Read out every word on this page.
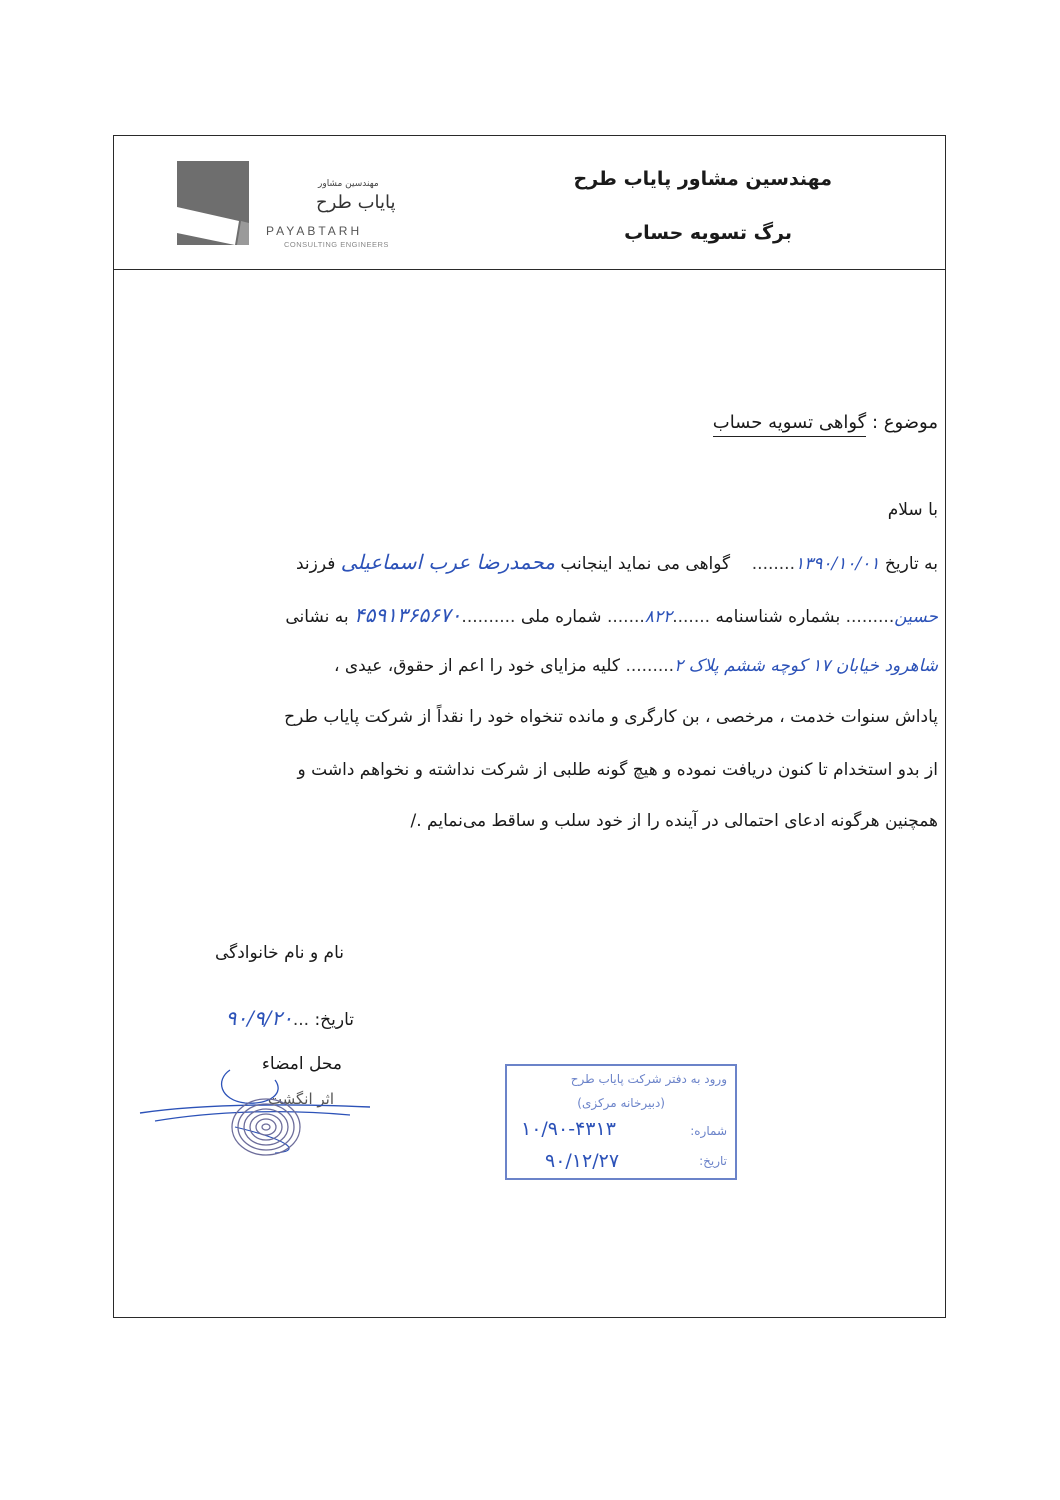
مهندسین مشاور پایاب طرح
برگ تسویه حساب
مهندسین مشاور
پایاب طرح
PAYABTARH
CONSULTING ENGINEERS
موضوع : گواهی تسویه حساب
با سلام
به تاریخ ۱۳۹۰/۱۰/۰۱........    گواهی می نماید اینجانب محمدرضا عرب اسماعیلی فرزند
حسین......... بشماره شناسنامه .......۸۲۲....... شماره ملی ..........۴۵۹۱۳۶۵۶۷۰ به نشانی
شاهرود خیابان ۱۷ کوچه ششم پلاک ۲......... کلیه مزایای خود را اعم از حقوق، عیدی ،
پاداش سنوات خدمت ، مرخصی ، بن کارگری و مانده تنخواه خود را نقداً از شرکت پایاب طرح
از بدو استخدام تا کنون دریافت نموده و هیچ گونه طلبی از شرکت نداشته و نخواهم داشت و
همچنین هرگونه ادعای احتمالی در آینده را از خود سلب و ساقط می‌نمایم ./
نام و نام خانوادگی
تاریخ: ...۹۰/۹/۲۰
محل امضاء
اثر انگشت
ورود به دفتر شرکت پایاب طرح
(دبیرخانه مرکزی)
شماره:
تاریخ:
۱۰/۹۰-۴۳۱۳
۹۰/۱۲/۲۷
